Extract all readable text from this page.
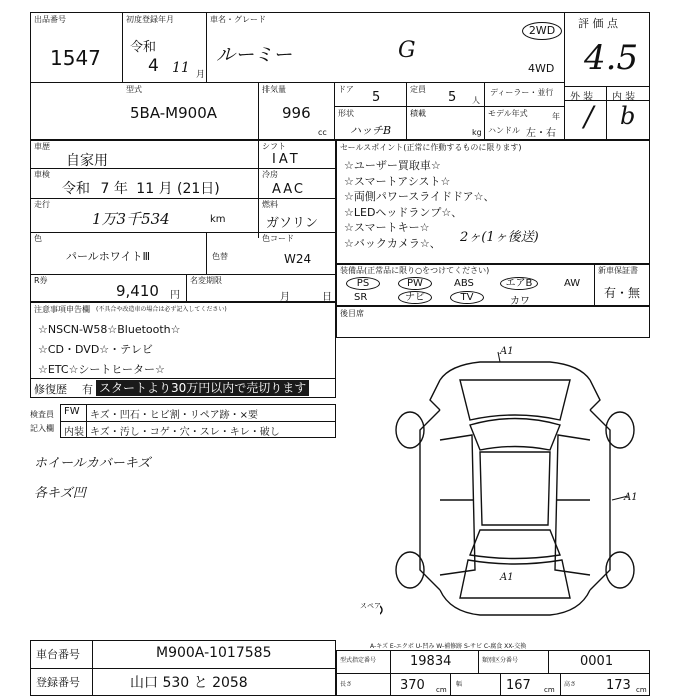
出品番号
1547
初度登録年月
令和
4 11 月
車名・グレード
ルーミー	G
2WD
4WD
評 価 点
4.5
外 装 内 装
/ b
型式
5BA-M900A
排気量
996
cc
ドア
5
定員
5 人
ディーラー・並行
モデル年式	年
形状
ハッチB
積載
kg ハンドル 左・右
車歴
自家用
シフト
IAT
車検
令和 7 年 11 月 (21日)
冷房
AAC
走行
1万3千534	km
燃料
ガソリン
色
パールホワイトⅢ	色替
色コード
W24
R券
9,410 円
名変期限
月	日
セールスポイント(正常に作動するものに限ります)
☆ユーザー買取車☆
☆スマートアシスト☆
☆両側パワースライドドア☆、
☆LEDヘッドランプ☆、
☆スマートキー☆
☆バックカメラ☆、	2ヶ(1ヶ後送)
装備品(正常品に限り○をつけてください)
PS	PW	ABS	エアB	AW
SR	ナビ	TV	カワ
新車保証書
有・無
後目席
注意事項申告欄 (不具合や改造車の場合は必ず記入してください)
☆NSCN-W58☆Bluetooth☆
☆CD・DVD☆・テレビ
☆ETC☆シートヒーター☆
修復歴 有 スタートより30万円以内で売切ります
検査員
記入欄
FW キズ・凹石・ヒビ割・リペア跡・×要
内装 キズ・汚し・コゲ・穴・スレ・キレ・破し
ホイールカバーキズ
各キズ凹
A1
A1
A1
スペア
車台番号	M900A-1017585
登録番号	山口 530 と 2058
A-キズ E-エクボ U-凹み W-補修跡 S-サビ C-腐食 XX-交換
型式指定番号	19834	類別区分番号	0001
長さ	370 cm
幅	167 cm
高さ 173 cm
